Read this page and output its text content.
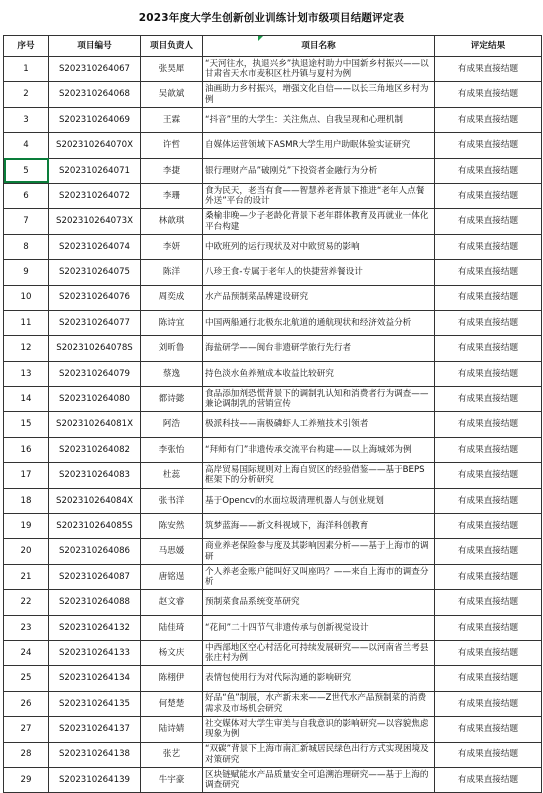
2023年度大学生创新创业训练计划市级项目结题评定表
序号	项目编号	项目负责人	项目名称	评定结果
1	S202310264067	张昊犀	“天河往水，执退兴乡”执退途村助力中国新乡村振兴——以甘肃省天水市麦积区杜丹镇与夏村为例	有成果直接结题
2	S202310264068	吴歆斌	油画助力乡村振兴，增强文化自信——以长三角地区乡村为例	有成果直接结题
3	S202310264069	王霖	“抖音”里的大学生：关注焦点、自我呈现和心理机制	有成果直接结题
4	S202310264070X	许哲	自媒体运营领域下ASMR大学生用户助眠体验实证研究	有成果直接结题
5	S202310264071	李捷	银行理财产品”破刚兑”下投资者金融行为分析	有成果直接结题
6	S202310264072	李珊	食为民天，老当有食——智慧养老背景下推进“老年人点餐外送”平台的设计	有成果直接结题
7	S202310264073X	林歆琪	桑榆非晚—少子老龄化背景下老年群体教育及再就业一体化平台构建	有成果直接结题
8	S202310264074	李妍	中欧班列的运行现状及对中欧贸易的影响	有成果直接结题
9	S202310264075	陈洋	八珍王食-专属于老年人的快捷营养餐设计	有成果直接结题
10	S202310264076	周奕成	水产品预制菜品牌建设研究	有成果直接结题
11	S202310264077	陈诗宜	中国两船通行北极东北航道的通航现状和经济效益分析	有成果直接结题
12	S202310264078S	刘昕鲁	海盐研学——闽台非遗研学旅行先行者	有成果直接结题
13	S202310264079	蔡逸	持色淡水鱼养殖成本收益比较研究	有成果直接结题
14	S202310264080	都诗懿	食品添加剂恐慌背景下的调制乳认知和消费者行为调查——兼论调制乳的营销宣传	有成果直接结题
15	S202310264081X	阿浩	极派科技——南极磷虾人工养殖技术引领者	有成果直接结题
16	S202310264082	李张怡	“拜师有门”非遗传承交流平台构建——以上海城郊为例	有成果直接结题
17	S202310264083	杜蕊	高岸贸易国际规则对上海自贸区的经验借鉴——基于BEPS框架下的分析研究	有成果直接结题
18	S202310264084X	张书洋	基于Opencv的水面垃圾清理机器人与创业规划	有成果直接结题
19	S202310264085S	陈安然	筑梦蓝海——新文科视域下，海洋科创教育	有成果直接结题
20	S202310264086	马思媛	商业养老保险参与度及其影响因素分析——基于上海市的调研	有成果直接结题
21	S202310264087	唐铭逞	个人养老金账户能叫好又叫座吗？——来自上海市的调查分析	有成果直接结题
22	S202310264088	赵文睿	预制菜食品系统变革研究	有成果直接结题
23	S202310264132	陆佳琦	“花间”二十四节气非遗传承与创新视觉设计	有成果直接结题
24	S202310264133	杨文庆	中西部地区空心村活化可持续发展研究——以河南省兰考县张庄村为例	有成果直接结题
25	S202310264134	陈栩伊	表情包使用行为对代际沟通的影响研究	有成果直接结题
26	S202310264135	何楚楚	好品“鱼”制展，水产新未来——Z世代水产品预制菜的消费需求及市场机会研究	有成果直接结题
27	S202310264137	陆诗婧	社交媒体对大学生审美与自我意识的影响研究—以容貌焦虑现象为例	有成果直接结题
28	S202310264138	张艺	“双碳”背景下上海市南汇新城居民绿色出行方式实现困境及对策研究	有成果直接结题
29	S202310264139	牛宇豪	区块链赋能水产品质量安全可追溯治理研究——基于上海的调查研究	有成果直接结题
